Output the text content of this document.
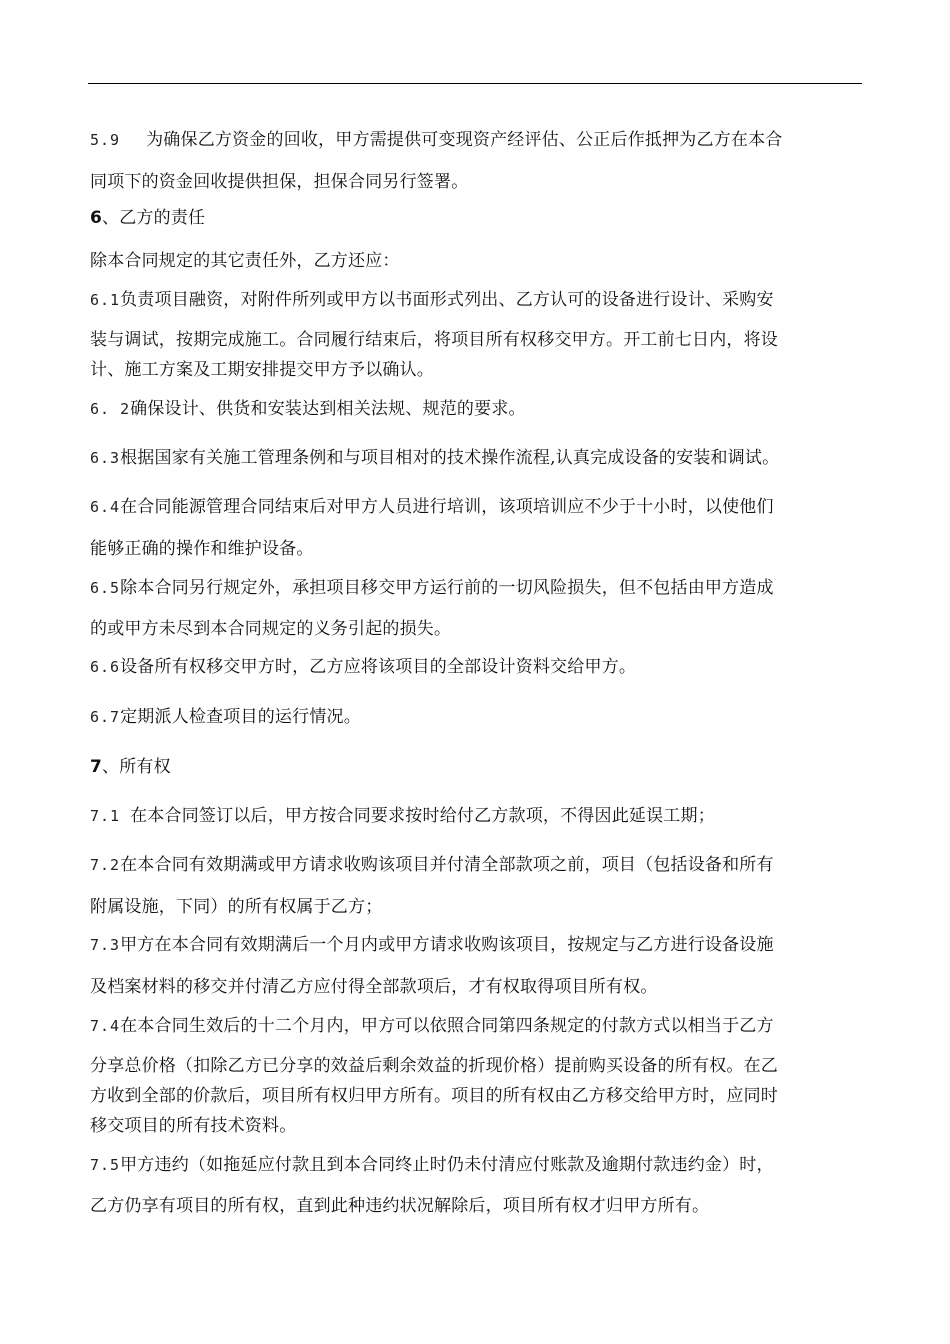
5.9 为确保乙方资金的回收，甲方需提供可变现资产经评估、公正后作抵押为乙方在本合
同项下的资金回收提供担保，担保合同另行签署。
6、乙方的责任
除本合同规定的其它责任外，乙方还应：
6.1负责项目融资，对附件所列或甲方以书面形式列出、乙方认可的设备进行设计、采购安
装与调试，按期完成施工。合同履行结束后，将项目所有权移交甲方。开工前七日内，将设
计、施工方案及工期安排提交甲方予以确认。
6. 2确保设计、供货和安装达到相关法规、规范的要求。
6.3根据国家有关施工管理条例和与项目相对的技术操作流程,认真完成设备的安装和调试。
6.4在合同能源管理合同结束后对甲方人员进行培训，该项培训应不少于十小时，以使他们
能够正确的操作和维护设备。
6.5除本合同另行规定外，承担项目移交甲方运行前的一切风险损失，但不包括由甲方造成
的或甲方未尽到本合同规定的义务引起的损失。
6.6设备所有权移交甲方时，乙方应将该项目的全部设计资料交给甲方。
6.7定期派人检查项目的运行情况。
7、所有权
7.1 在本合同签订以后，甲方按合同要求按时给付乙方款项，不得因此延误工期；
7.2在本合同有效期满或甲方请求收购该项目并付清全部款项之前，项目（包括设备和所有
附属设施，下同）的所有权属于乙方；
7.3甲方在本合同有效期满后一个月内或甲方请求收购该项目，按规定与乙方进行设备设施
及档案材料的移交并付清乙方应付得全部款项后，才有权取得项目所有权。
7.4在本合同生效后的十二个月内，甲方可以依照合同第四条规定的付款方式以相当于乙方
分享总价格（扣除乙方已分享的效益后剩余效益的折现价格）提前购买设备的所有权。在乙
方收到全部的价款后，项目所有权归甲方所有。项目的所有权由乙方移交给甲方时，应同时
移交项目的所有技术资料。
7.5甲方违约（如拖延应付款且到本合同终止时仍未付清应付账款及逾期付款违约金）时，
乙方仍享有项目的所有权，直到此种违约状况解除后，项目所有权才归甲方所有。
